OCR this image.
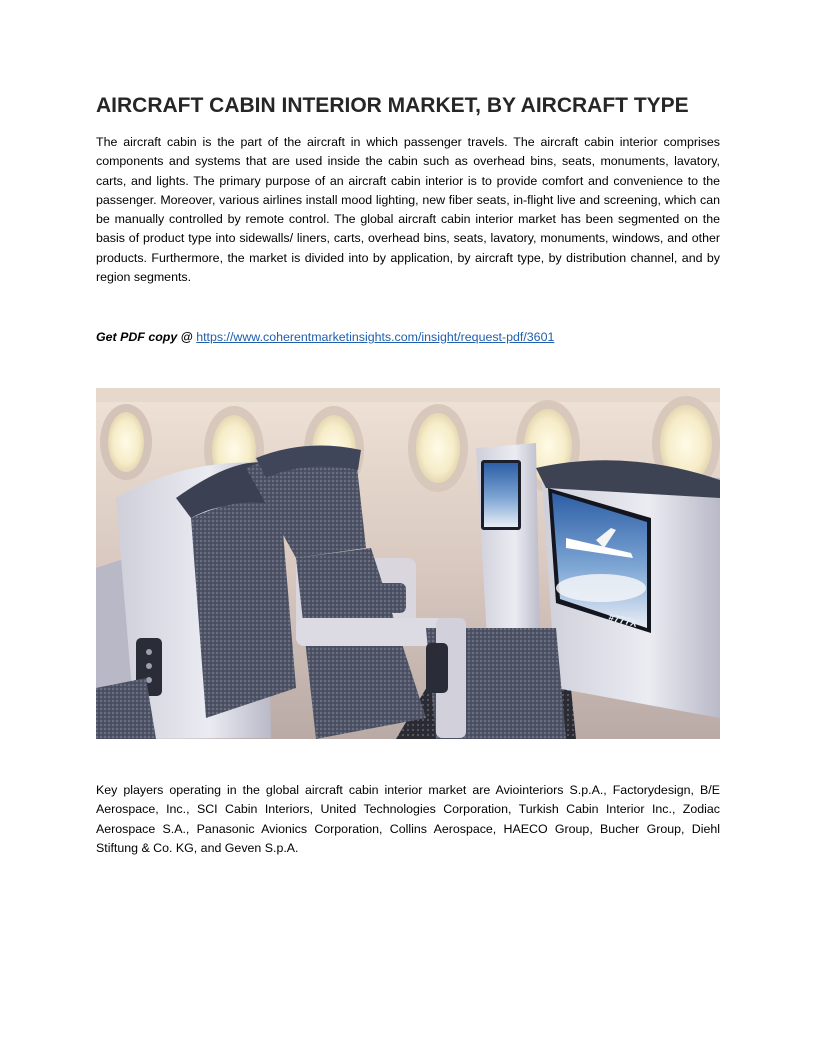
AIRCRAFT CABIN INTERIOR MARKET, BY AIRCRAFT TYPE

The aircraft cabin is the part of the aircraft in which passenger travels. The aircraft cabin interior comprises components and systems that are used inside the cabin such as overhead bins, seats, monuments, lavatory, carts, and lights. The primary purpose of an aircraft cabin interior is to provide comfort and convenience to the passenger. Moreover, various airlines install mood lighting, new fiber seats, in-flight live and screening, which can be manually controlled by remote control. The global aircraft cabin interior market has been segmented on the basis of product type into sidewalls/ liners, carts, overhead bins, seats, lavatory, monuments, windows, and other products. Furthermore, the market is divided into by application, by aircraft type, by distribution channel, and by region segments.

Get PDF copy @ https://www.coherentmarketinsights.com/insight/request-pdf/3601

#777X

Key players operating in the global aircraft cabin interior market are Aviointeriors S.p.A., Factorydesign, B/E Aerospace, Inc., SCI Cabin Interiors, United Technologies Corporation, Turkish Cabin Interior Inc., Zodiac Aerospace S.A., Panasonic Avionics Corporation, Collins Aerospace, HAECO Group, Bucher Group, Diehl Stiftung & Co. KG, and Geven S.p.A.
